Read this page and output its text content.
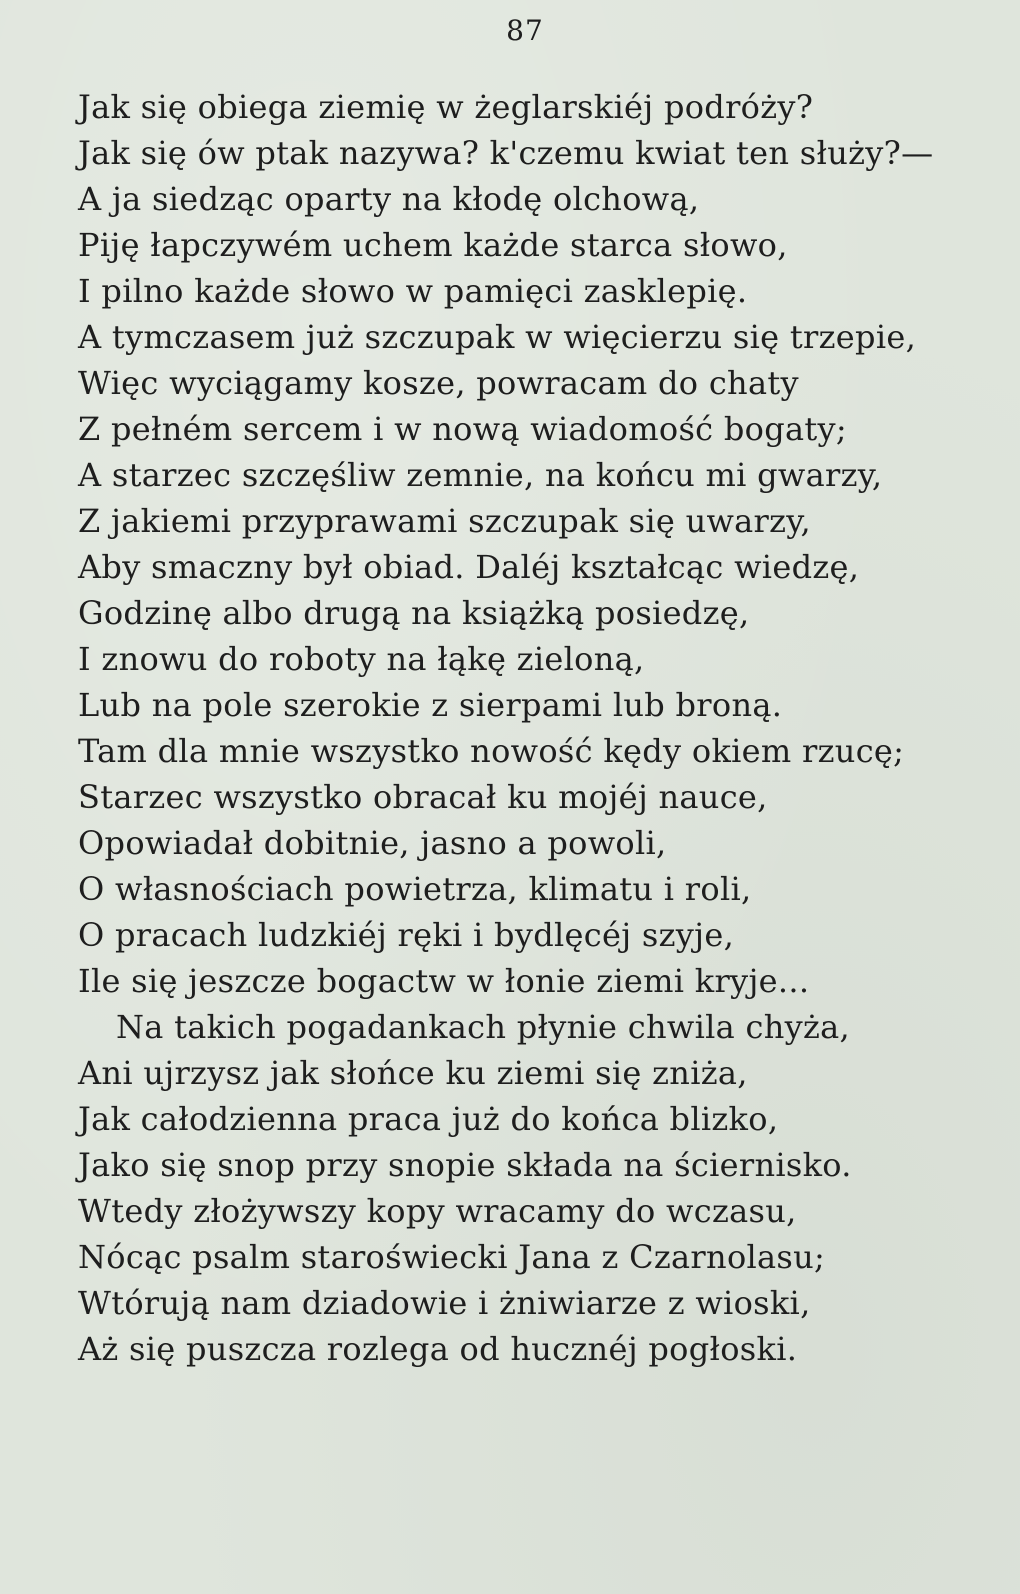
87
Jak się obiega ziemię w żeglarskiéj podróży?
Jak się ów ptak nazywa? k'czemu kwiat ten służy?—
A ja siedząc oparty na kłodę olchową,
Piję łapczywém uchem każde starca słowo,
I pilno każde słowo w pamięci zasklepię.
A tymczasem już szczupak w więcierzu się trzepie,
Więc wyciągamy kosze, powracam do chaty
Z pełném sercem i w nową wiadomość bogaty;
A starzec szczęśliw zemnie, na końcu mi gwarzy,
Z jakiemi przyprawami szczupak się uwarzy,
Aby smaczny był obiad. Daléj kształcąc wiedzę,
Godzinę albo drugą na książką posiedzę,
I znowu do roboty na łąkę zieloną,
Lub na pole szerokie z sierpami lub broną.
Tam dla mnie wszystko nowość kędy okiem rzucę;
Starzec wszystko obracał ku mojéj nauce,
Opowiadał dobitnie, jasno a powoli,
O własnościach powietrza, klimatu i roli,
O pracach ludzkiéj ręki i bydlęcéj szyje,
Ile się jeszcze bogactw w łonie ziemi kryje...
Na takich pogadankach płynie chwila chyża,
Ani ujrzysz jak słońce ku ziemi się zniża,
Jak całodzienna praca już do końca blizko,
Jako się snop przy snopie składa na ściernisko.
Wtedy złożywszy kopy wracamy do wczasu,
Nócąc psalm staroświecki Jana z Czarnolasu;
Wtórują nam dziadowie i żniwiarze z wioski,
Aż się puszcza rozlega od hucznéj pogłoski.
